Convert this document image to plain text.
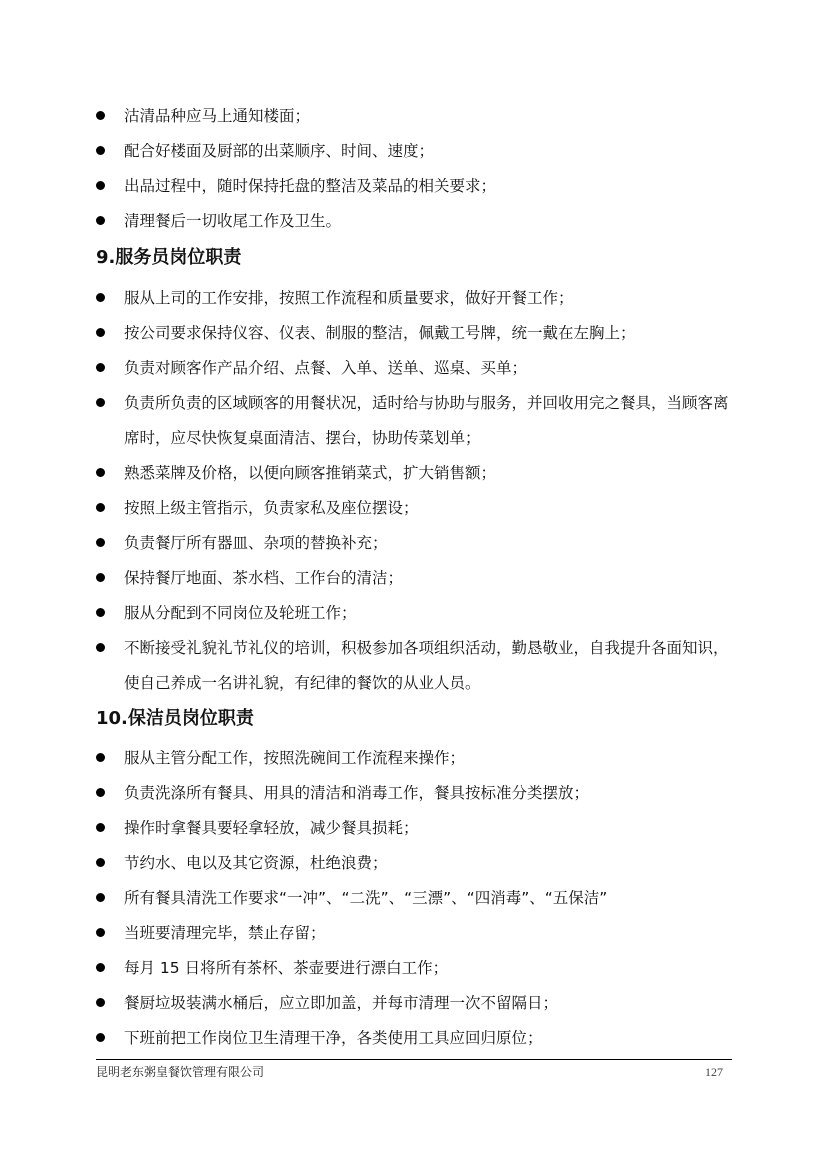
沽清品种应马上通知楼面；
配合好楼面及厨部的出菜顺序、时间、速度；
出品过程中，随时保持托盘的整洁及菜品的相关要求；
清理餐后一切收尾工作及卫生。
9.服务员岗位职责
服从上司的工作安排，按照工作流程和质量要求，做好开餐工作；
按公司要求保持仪容、仪表、制服的整洁，佩戴工号牌，统一戴在左胸上；
负责对顾客作产品介绍、点餐、入单、送单、巡桌、买单；
负责所负责的区域顾客的用餐状况，适时给与协助与服务，并回收用完之餐具，当顾客离席时，应尽快恢复桌面清洁、摆台，协助传菜划单；
熟悉菜牌及价格，以便向顾客推销菜式，扩大销售额；
按照上级主管指示，负责家私及座位摆设；
负责餐厅所有器皿、杂项的替换补充；
保持餐厅地面、茶水档、工作台的清洁；
服从分配到不同岗位及轮班工作；
不断接受礼貌礼节礼仪的培训，积极参加各项组织活动，勤恳敬业，自我提升各面知识，使自己养成一名讲礼貌，有纪律的餐饮的从业人员。
10.保洁员岗位职责
服从主管分配工作，按照洗碗间工作流程来操作；
负责洗涤所有餐具、用具的清洁和消毒工作，餐具按标准分类摆放；
操作时拿餐具要轻拿轻放，减少餐具损耗；
节约水、电以及其它资源，杜绝浪费；
所有餐具清洗工作要求“一冲”、“二洗”、“三漂”、“四消毒”、“五保洁”
当班要清理完毕，禁止存留；
每月 15 日将所有茶杯、茶壶要进行漂白工作；
餐厨垃圾装满水桶后，应立即加盖，并每市清理一次不留隔日；
下班前把工作岗位卫生清理干净，各类使用工具应回归原位；
昆明老东粥皇餐饮管理有限公司	127
